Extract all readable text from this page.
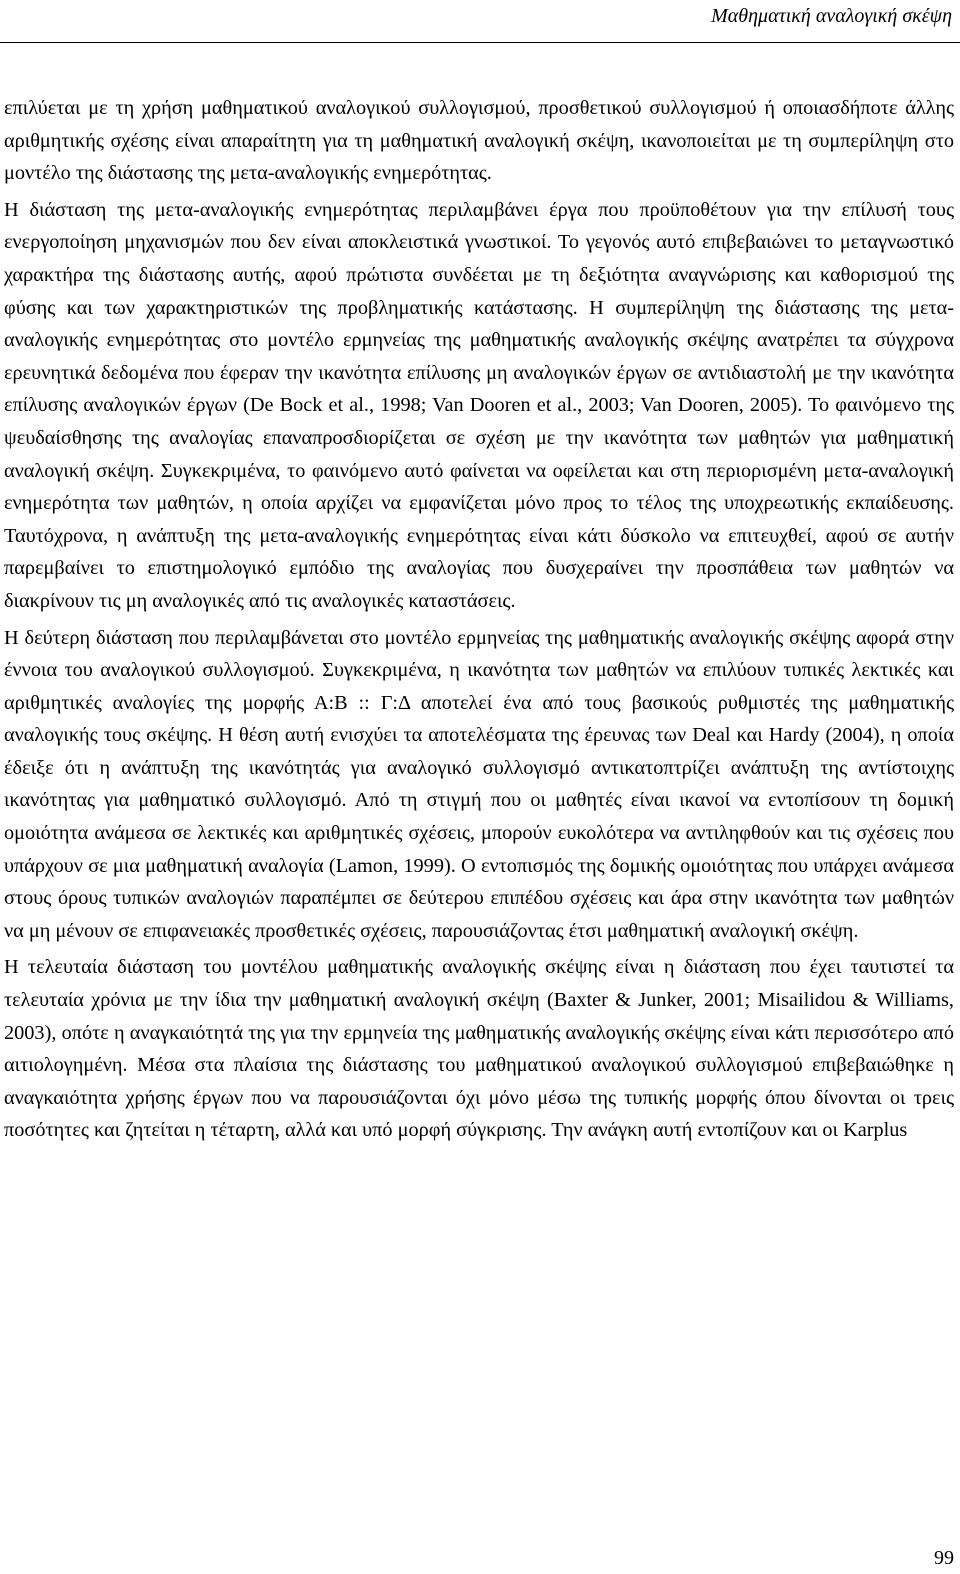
Μαθηματική αναλογική σκέψη

επιλύεται με τη χρήση μαθηματικού αναλογικού συλλογισμού, προσθετικού συλλογισμού ή οποιασδήποτε άλλης αριθμητικής σχέσης είναι απαραίτητη για τη μαθηματική αναλογική σκέψη, ικανοποιείται με τη συμπερίληψη στο μοντέλο της διάστασης της μετα-αναλογικής ενημερότητας.

Η διάσταση της μετα-αναλογικής ενημερότητας περιλαμβάνει έργα που προϋποθέτουν για την επίλυσή τους ενεργοποίηση μηχανισμών που δεν είναι αποκλειστικά γνωστικοί. Το γεγονός αυτό επιβεβαιώνει το μεταγνωστικό χαρακτήρα της διάστασης αυτής, αφού πρώτιστα συνδέεται με τη δεξιότητα αναγνώρισης και καθορισμού της φύσης και των χαρακτηριστικών της προβληματικής κατάστασης. Η συμπερίληψη της διάστασης της μετα-αναλογικής ενημερότητας στο μοντέλο ερμηνείας της μαθηματικής αναλογικής σκέψης ανατρέπει τα σύγχρονα ερευνητικά δεδομένα που έφεραν την ικανότητα επίλυσης μη αναλογικών έργων σε αντιδιαστολή με την ικανότητα επίλυσης αναλογικών έργων (De Bock et al., 1998; Van Dooren et al., 2003; Van Dooren, 2005). Το φαινόμενο της ψευδαίσθησης της αναλογίας επαναπροσδιορίζεται σε σχέση με την ικανότητα των μαθητών για μαθηματική αναλογική σκέψη. Συγκεκριμένα, το φαινόμενο αυτό φαίνεται να οφείλεται και στη περιορισμένη μετα-αναλογική ενημερότητα των μαθητών, η οποία αρχίζει να εμφανίζεται μόνο προς το τέλος της υποχρεωτικής εκπαίδευσης. Ταυτόχρονα, η ανάπτυξη της μετα-αναλογικής ενημερότητας είναι κάτι δύσκολο να επιτευχθεί, αφού σε αυτήν παρεμβαίνει το επιστημολογικό εμπόδιο της αναλογίας που δυσχεραίνει την προσπάθεια των μαθητών να διακρίνουν τις μη αναλογικές από τις αναλογικές καταστάσεις.

Η δεύτερη διάσταση που περιλαμβάνεται στο μοντέλο ερμηνείας της μαθηματικής αναλογικής σκέψης αφορά στην έννοια του αναλογικού συλλογισμού. Συγκεκριμένα, η ικανότητα των μαθητών να επιλύουν τυπικές λεκτικές και αριθμητικές αναλογίες της μορφής Α:Β :: Γ:Δ αποτελεί ένα από τους βασικούς ρυθμιστές της μαθηματικής αναλογικής τους σκέψης. Η θέση αυτή ενισχύει τα αποτελέσματα της έρευνας των Deal και Hardy (2004), η οποία έδειξε ότι η ανάπτυξη της ικανότητάς για αναλογικό συλλογισμό αντικατοπτρίζει ανάπτυξη της αντίστοιχης ικανότητας για μαθηματικό συλλογισμό. Από τη στιγμή που οι μαθητές είναι ικανοί να εντοπίσουν τη δομική ομοιότητα ανάμεσα σε λεκτικές και αριθμητικές σχέσεις, μπορούν ευκολότερα να αντιληφθούν και τις σχέσεις που υπάρχουν σε μια μαθηματική αναλογία (Lamon, 1999). Ο εντοπισμός της δομικής ομοιότητας που υπάρχει ανάμεσα στους όρους τυπικών αναλογιών παραπέμπει σε δεύτερου επιπέδου σχέσεις και άρα στην ικανότητα των μαθητών να μη μένουν σε επιφανειακές προσθετικές σχέσεις, παρουσιάζοντας έτσι μαθηματική αναλογική σκέψη.

Η τελευταία διάσταση του μοντέλου μαθηματικής αναλογικής σκέψης είναι η διάσταση που έχει ταυτιστεί τα τελευταία χρόνια με την ίδια την μαθηματική αναλογική σκέψη (Baxter & Junker, 2001; Misailidou & Williams, 2003), οπότε η αναγκαιότητά της για την ερμηνεία της μαθηματικής αναλογικής σκέψης είναι κάτι περισσότερο από αιτιολογημένη. Μέσα στα πλαίσια της διάστασης του μαθηματικού αναλογικού συλλογισμού επιβεβαιώθηκε η αναγκαιότητα χρήσης έργων που να παρουσιάζονται όχι μόνο μέσω της τυπικής μορφής όπου δίνονται οι τρεις ποσότητες και ζητείται η τέταρτη, αλλά και υπό μορφή σύγκρισης. Την ανάγκη αυτή εντοπίζουν και οι Karplus

99
